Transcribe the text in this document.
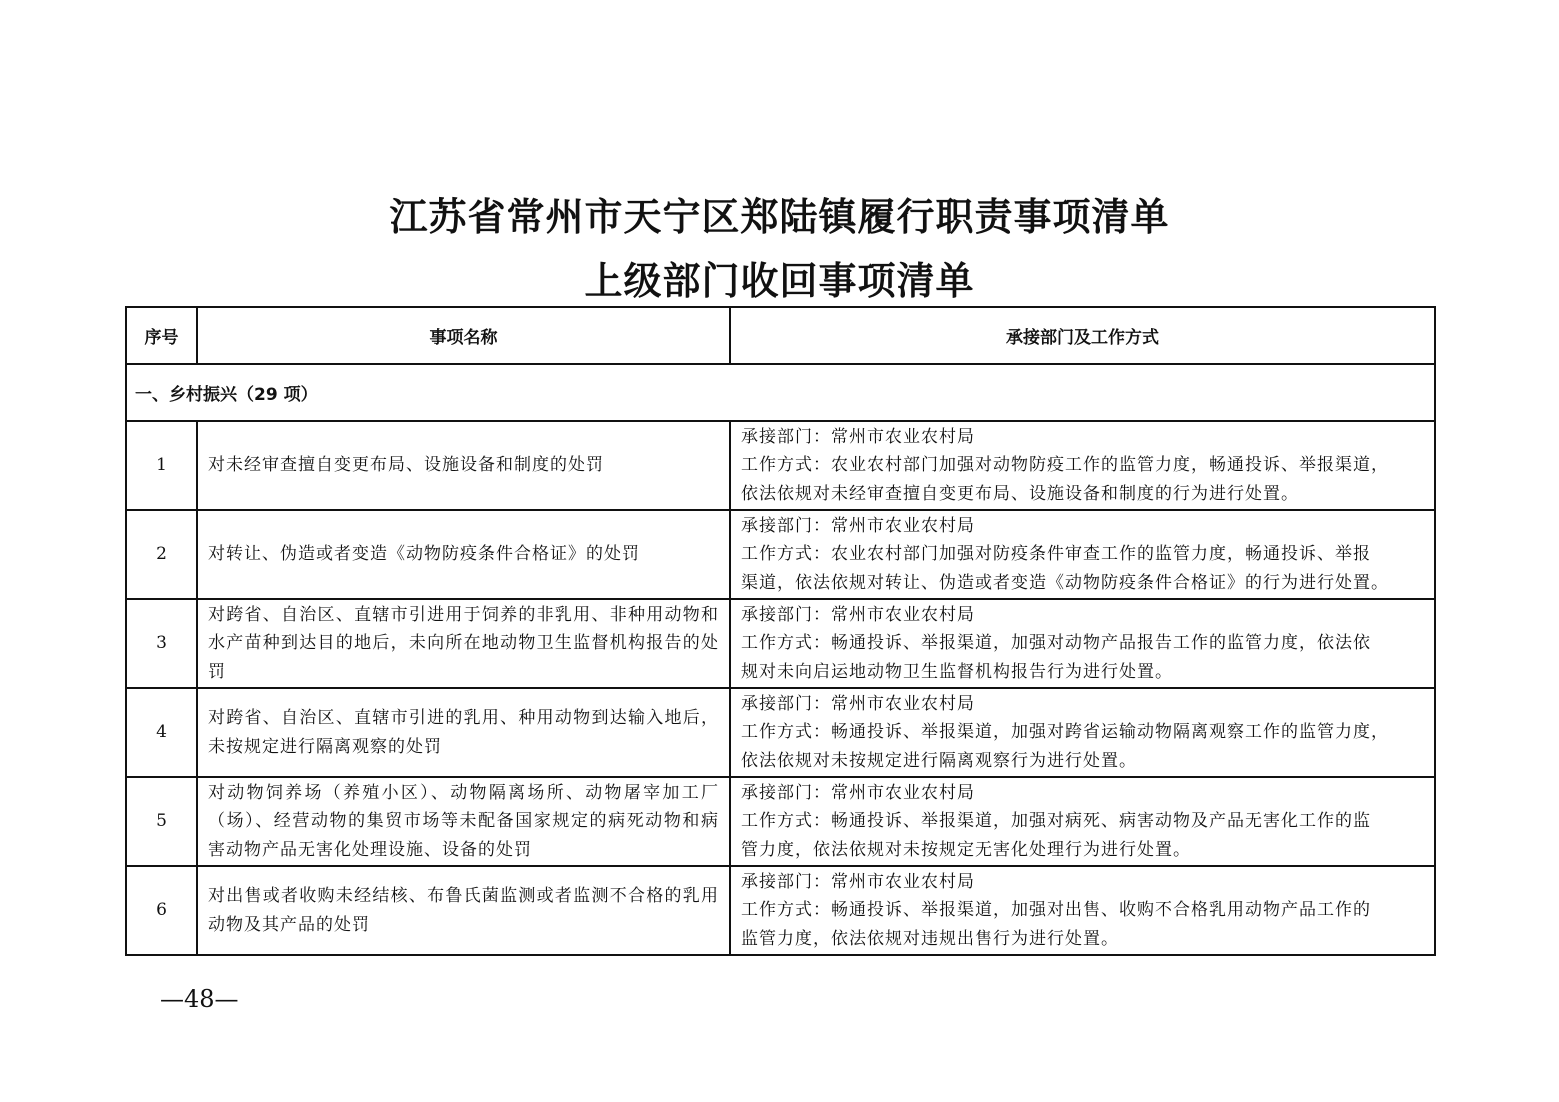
江苏省常州市天宁区郑陆镇履行职责事项清单
上级部门收回事项清单
序号	事项名称	承接部门及工作方式
一、乡村振兴（29 项）		
1	对未经审查擅自变更布局、设施设备和制度的处罚	承接部门：常州市农业农村局
工作方式：农业农村部门加强对动物防疫工作的监管力度，畅通投诉、举报渠道，
依法依规对未经审查擅自变更布局、设施设备和制度的行为进行处置。

2	对转让、伪造或者变造《动物防疫条件合格证》的处罚	承接部门：常州市农业农村局
工作方式：农业农村部门加强对防疫条件审查工作的监管力度，畅通投诉、举报
渠道，依法依规对转让、伪造或者变造《动物防疫条件合格证》的行为进行处置。

3	对跨省、自治区、直辖市引进用于饲养的非乳用、非种用动物和水产苗种到达目的地后，未向所在地动物卫生监督机构报告的处罚	承接部门：常州市农业农村局
工作方式：畅通投诉、举报渠道，加强对动物产品报告工作的监管力度，依法依
规对未向启运地动物卫生监督机构报告行为进行处置。

4	对跨省、自治区、直辖市引进的乳用、种用动物到达输入地后，未按规定进行隔离观察的处罚	承接部门：常州市农业农村局
工作方式：畅通投诉、举报渠道，加强对跨省运输动物隔离观察工作的监管力度，
依法依规对未按规定进行隔离观察行为进行处置。

5	对动物饲养场（养殖小区）、动物隔离场所、动物屠宰加工厂（场）、经营动物的集贸市场等未配备国家规定的病死动物和病害动物产品无害化处理设施、设备的处罚	承接部门：常州市农业农村局
工作方式：畅通投诉、举报渠道，加强对病死、病害动物及产品无害化工作的监
管力度，依法依规对未按规定无害化处理行为进行处置。

6	对出售或者收购未经结核、布鲁氏菌监测或者监测不合格的乳用动物及其产品的处罚	承接部门：常州市农业农村局
工作方式：畅通投诉、举报渠道，加强对出售、收购不合格乳用动物产品工作的
监管力度，依法依规对违规出售行为进行处置。
—48—
